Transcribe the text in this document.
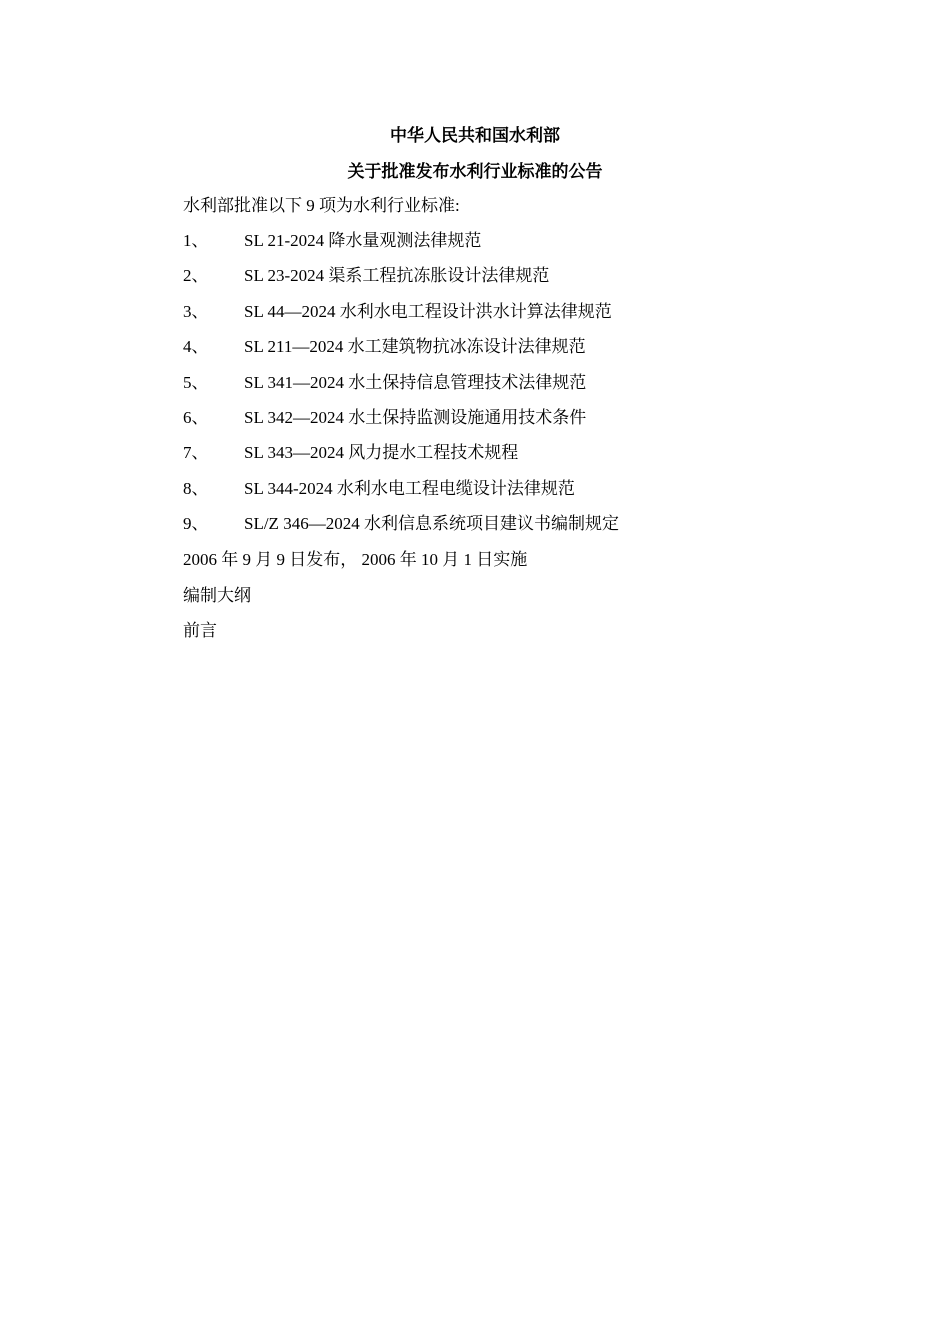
中华人民共和国水利部
关于批准发布水利行业标准的公告
水利部批准以下 9 项为水利行业标准:
1、 SL 21-2024 降水量观测法律规范
2、 SL 23-2024 渠系工程抗冻胀设计法律规范
3、 SL 44—2024 水利水电工程设计洪水计算法律规范
4、 SL 211—2024 水工建筑物抗冰冻设计法律规范
5、 SL 341—2024 水土保持信息管理技术法律规范
6、 SL 342—2024 水土保持监测设施通用技术条件
7、 SL 343—2024 风力提水工程技术规程
8、 SL 344-2024 水利水电工程电缆设计法律规范
9、 SL/Z 346—2024 水利信息系统项目建议书编制规定
2006 年 9 月 9 日发布， 2006 年 10 月 1 日实施
编制大纲
前言
